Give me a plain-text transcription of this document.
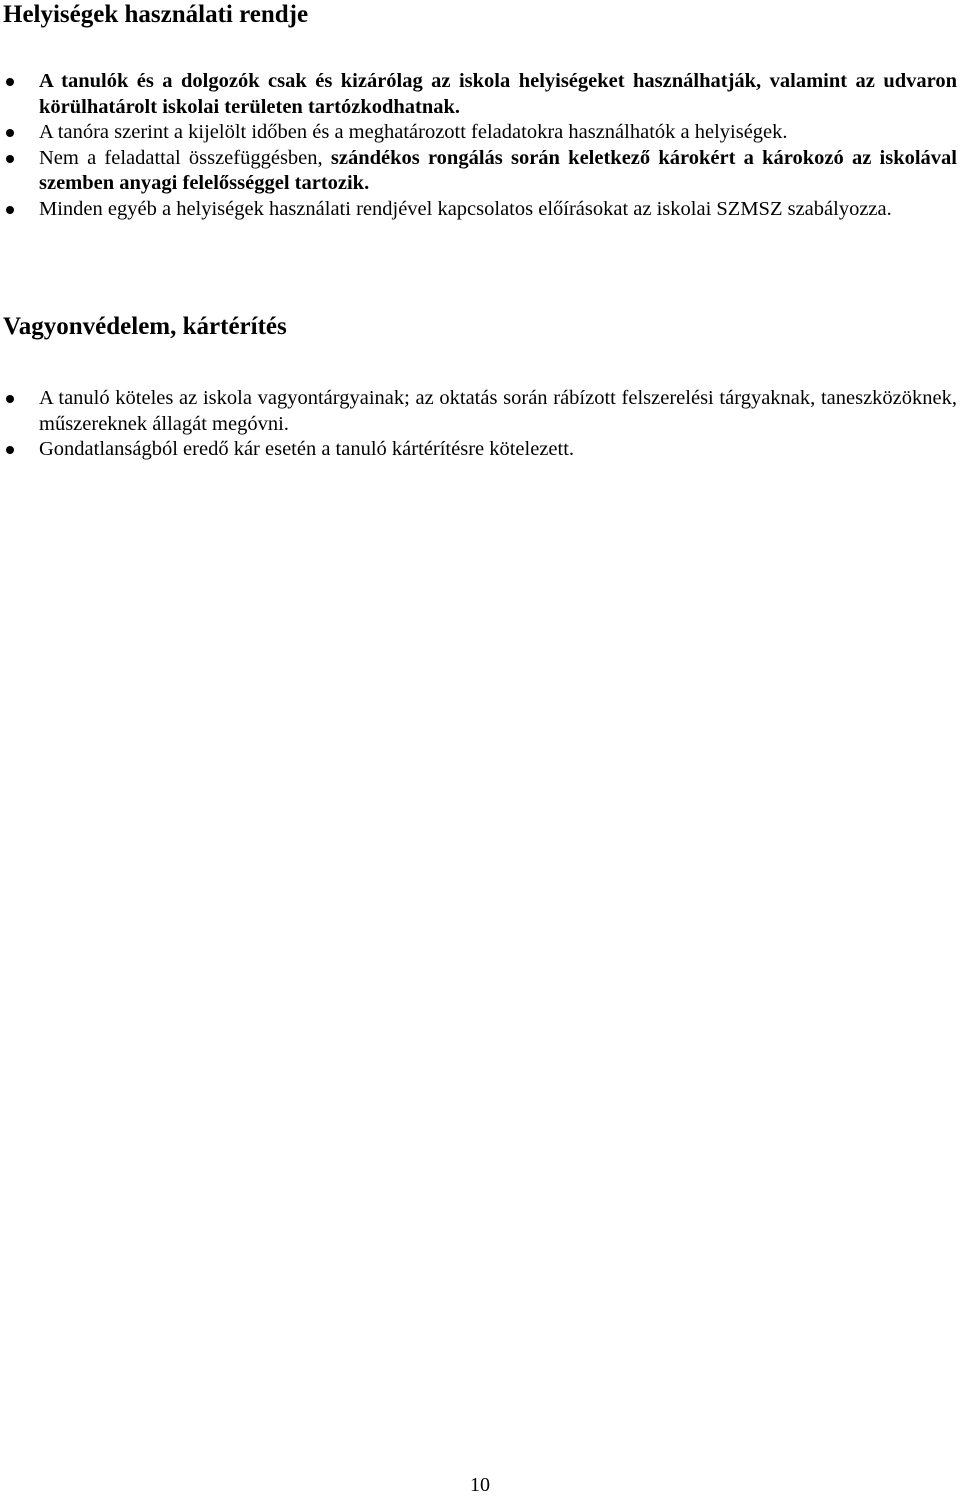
Helyiségek használati rendje
A tanulók és a dolgozók csak és kizárólag az iskola helyiségeket használhatják, valamint az udvaron körülhatárolt iskolai területen tartózkodhatnak.
A tanóra szerint a kijelölt időben és a meghatározott feladatokra használhatók a helyiségek.
Nem a feladattal összefüggésben, szándékos rongálás során keletkező károkért a károkozó az iskolával szemben anyagi felelősséggel tartozik.
Minden egyéb a helyiségek használati rendjével kapcsolatos előírásokat az iskolai SZMSZ szabályozza.
Vagyonvédelem, kártérítés
A tanuló köteles az iskola vagyontárgyainak; az oktatás során rábízott felszerelési tárgyaknak, taneszközöknek, műszereknek állagát megóvni.
Gondatlanságból eredő kár esetén a tanuló kártérítésre kötelezett.
10
